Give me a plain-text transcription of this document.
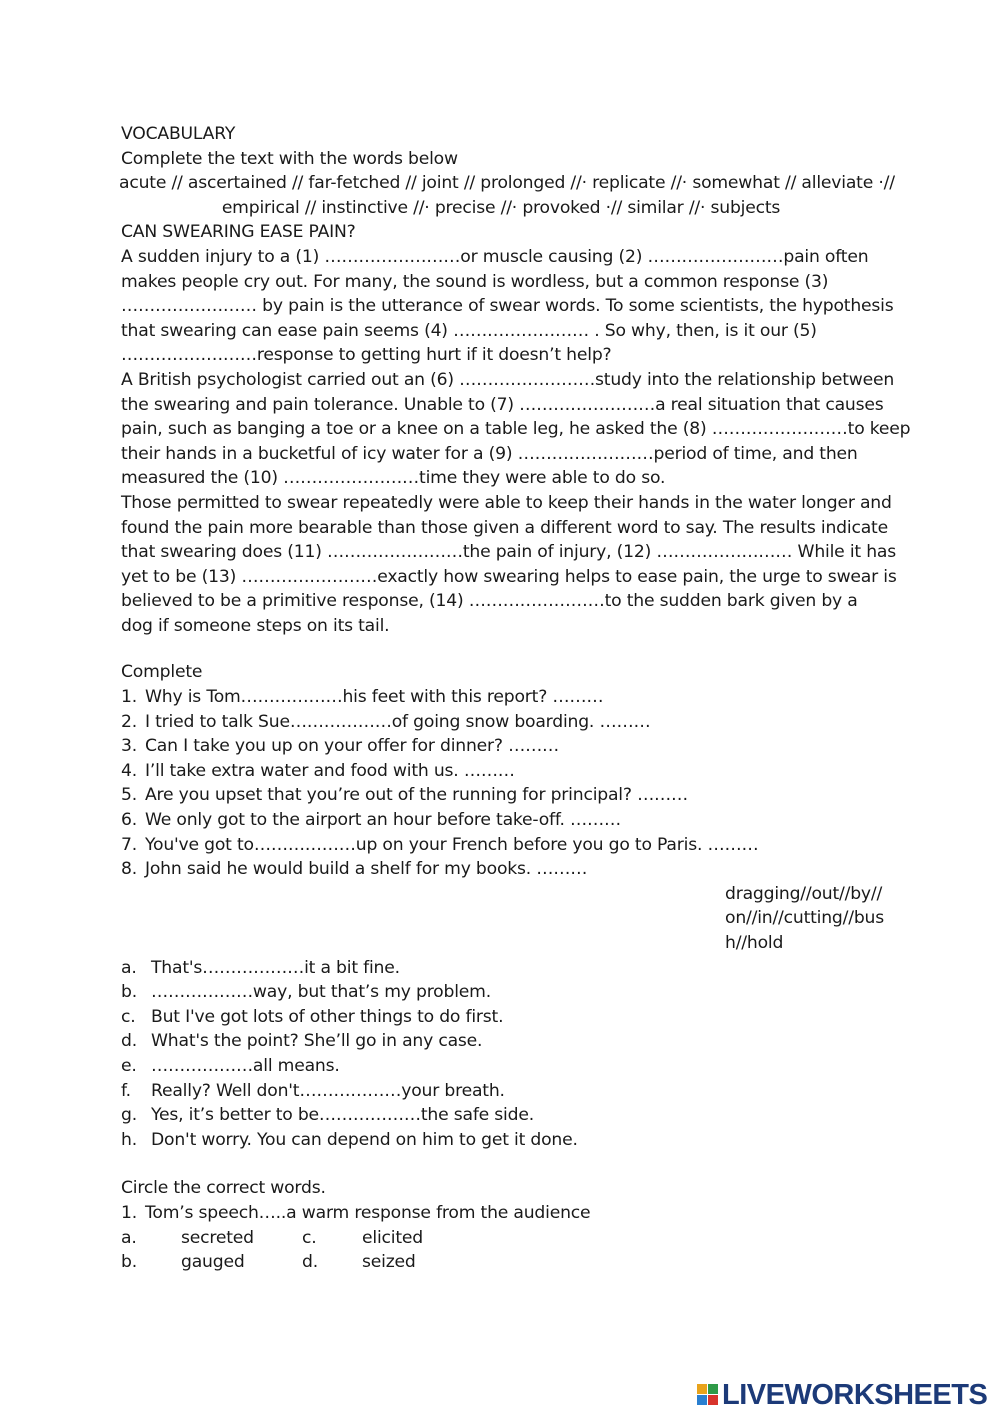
VOCABULARY
Complete the text with the words below
acute // ascertained // far-fetched // joint // prolonged //· replicate //· somewhat // alleviate ·//
empirical // instinctive //· precise //· provoked ·// similar //· subjects
CAN SWEARING EASE PAIN?
A sudden injury to a (1) ……………………or muscle causing (2) ……………………pain often
makes people cry out. For many, the sound is wordless, but a common response (3)
…………………… by pain is the utterance of swear words. To some scientists, the hypothesis
that swearing can ease pain seems (4) …………………… . So why, then, is it our (5)
……………………response to getting hurt if it doesn’t help?
A British psychologist carried out an (6) ……………………study into the relationship between
the swearing and pain tolerance. Unable to (7) ……………………a real situation that causes
pain, such as banging a toe or a knee on a table leg, he asked the (8) ……………………to keep
their hands in a bucketful of icy water for a (9) ……………………period of time, and then
measured the (10) ……………………time they were able to do so.
Those permitted to swear repeatedly were able to keep their hands in the water longer and
found the pain more bearable than those given a different word to say. The results indicate
that swearing does (11) ……………………the pain of injury, (12) …………………… While it has
yet to be (13) ……………………exactly how swearing helps to ease pain, the urge to swear is
believed to be a primitive response, (14) ……………………to the sudden bark given by a
dog if someone steps on its tail.
Complete
1. Why is Tom………………his feet with this report? ………
2. I tried to talk Sue………………of going snow boarding. ………
3. Can I take you up on your offer for dinner? ………
4. I’ll take extra water and food with us. ………
5. Are you upset that you’re out of the running for principal? ………
6. We only got to the airport an hour before take-off. ………
7. You've got to………………up on your French before you go to Paris. ………
8. John said he would build a shelf for my books. ………
dragging//out//by//on//in//cutting//bush//hold
a. That's………………it a bit fine.
b. ………………way, but that’s my problem.
c. But I've got lots of other things to do first.
d. What's the point? She’ll go in any case.
e. ………………all means.
f.	Really? Well don't………………your breath.
g. Yes, it’s better to be………………the safe side.
h. Don't worry. You can depend on him to get it done.
Circle the correct words.
1. Tom’s speech…..a warm response from the audience
a.	secreted	c.	elicited
b.	gauged	d.	seized
LIVEWORKSHEETS
